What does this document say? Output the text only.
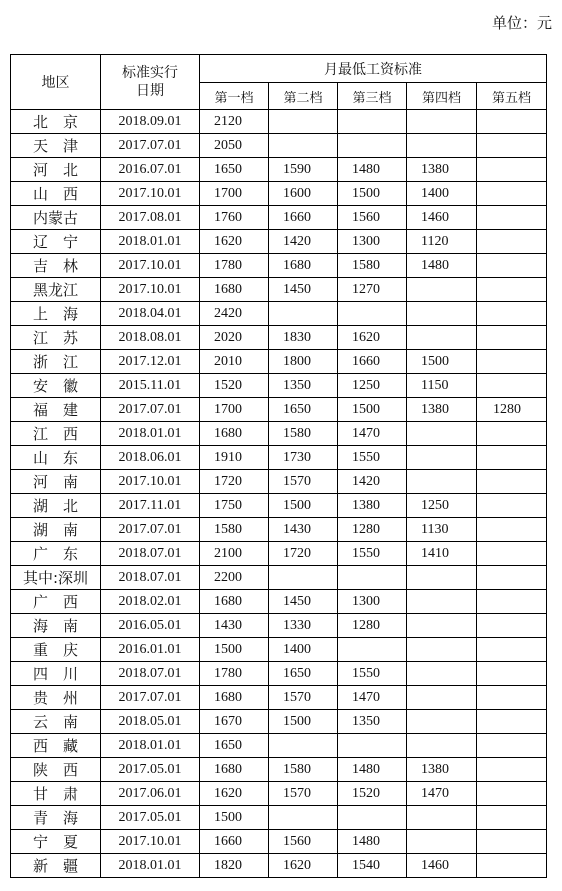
单位：元
地区	标准实行
日期	月最低工资标准				
		第一档	第二档	第三档	第四档	第五档
北　京	2018.09.01	2120				
天　津	2017.07.01	2050				
河　北	2016.07.01	1650	1590	1480	1380	
山　西	2017.10.01	1700	1600	1500	1400	
内蒙古	2017.08.01	1760	1660	1560	1460	
辽　宁	2018.01.01	1620	1420	1300	1120	
吉　林	2017.10.01	1780	1680	1580	1480	
黑龙江	2017.10.01	1680	1450	1270		
上　海	2018.04.01	2420				
江　苏	2018.08.01	2020	1830	1620		
浙　江	2017.12.01	2010	1800	1660	1500	
安　徽	2015.11.01	1520	1350	1250	1150	
福　建	2017.07.01	1700	1650	1500	1380	1280
江　西	2018.01.01	1680	1580	1470		
山　东	2018.06.01	1910	1730	1550		
河　南	2017.10.01	1720	1570	1420		
湖　北	2017.11.01	1750	1500	1380	1250	
湖　南	2017.07.01	1580	1430	1280	1130	
广　东	2018.07.01	2100	1720	1550	1410	
其中:深圳	2018.07.01	2200				
广　西	2018.02.01	1680	1450	1300		
海　南	2016.05.01	1430	1330	1280		
重　庆	2016.01.01	1500	1400			
四　川	2018.07.01	1780	1650	1550		
贵　州	2017.07.01	1680	1570	1470		
云　南	2018.05.01	1670	1500	1350		
西　藏	2018.01.01	1650				
陕　西	2017.05.01	1680	1580	1480	1380	
甘　肃	2017.06.01	1620	1570	1520	1470	
青　海	2017.05.01	1500				
宁　夏	2017.10.01	1660	1560	1480		
新　疆	2018.01.01	1820	1620	1540	1460	
